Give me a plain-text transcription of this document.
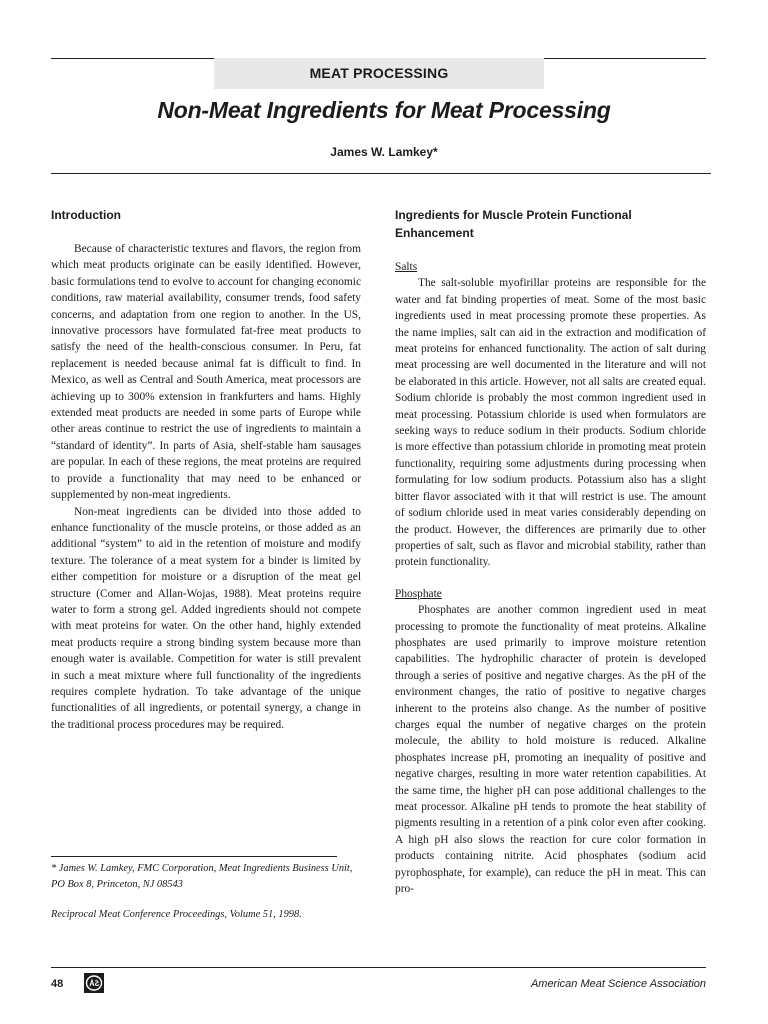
MEAT PROCESSING
Non-Meat Ingredients for Meat Processing
James W. Lamkey*
Introduction

Because of characteristic textures and flavors, the region from which meat products originate can be easily identified. However, basic formulations tend to evolve to account for changing economic conditions, raw material availability, consumer trends, food safety concerns, and adaptation from one region to another. In the US, innovative processors have formulated fat-free meat products to satisfy the need of the health-conscious consumer. In Peru, fat replacement is needed because animal fat is difficult to find. In Mexico, as well as Central and South America, meat processors are achieving up to 300% extension in frankfurters and hams. Highly extended meat products are needed in some parts of Europe while other areas continue to restrict the use of ingredients to maintain a “standard of identity”. In parts of Asia, shelf-stable ham sausages are popular. In each of these regions, the meat proteins are required to provide a functionality that may need to be enhanced or supplemented by non-meat ingredients.

Non-meat ingredients can be divided into those added to enhance functionality of the muscle proteins, or those added as an additional “system” to aid in the retention of moisture and modify texture. The tolerance of a meat system for a binder is limited by either competition for moisture or a disruption of the meat gel structure (Comer and Allan-Wojas, 1988). Meat proteins require water to form a strong gel. Added ingredients should not compete with meat proteins for water. On the other hand, highly extended meat products require a strong binding system because more than enough water is available. Competition for water is still prevalent in such a meat mixture where full functionality of the ingredients requires complete hydration. To take advantage of the unique functionalities of all ingredients, or potentail synergy, a change in the traditional process procedures may be required.

Ingredients for Muscle Protein Functional Enhancement
Salts

The salt-soluble myofirillar proteins are responsible for the water and fat binding properties of meat. Some of the most basic ingredients used in meat processing promote these properties. As the name implies, salt can aid in the extraction and modification of meat proteins for enhanced functionality. The action of salt during meat processing are well documented in the literature and will not be elaborated in this article. However, not all salts are created equal. Sodium chloride is probably the most common ingredient used in meat processing. Potassium chloride is used when formulators are seeking ways to reduce sodium in their products. Sodium chloride is more effective than potassium chloride in promoting meat protein functionality, requiring some adjustments during processing when formulating for low sodium products. Potassium also has a slight bitter flavor associated with it that will restrict is use. The amount of sodium chloride used in meat varies considerably depending on the product. However, the differences are primarily due to other properties of salt, such as flavor and microbial stability, rather than protein functionality.

Phosphate

Phosphates are another common ingredient used in meat processing to promote the functionality of meat proteins. Alkaline phosphates are used primarily to improve moisture retention capabilities. The hydrophilic character of protein is developed through a series of positive and negative charges. As the pH of the environment changes, the ratio of positive to negative charges inherent to the proteins also change. As the number of positive charges equal the number of negative charges on the protein molecule, the ability to hold moisture is reduced. Alkaline phosphates increase pH, promoting an inequality of positive and negative charges, resulting in more water retention capabilities. At the same time, the higher pH can pose additional challenges to the meat processor. Alkaline pH tends to promote the heat stability of pigments resulting in a retention of a pink color even after cooking. A high pH also slows the reaction for cure color formation in products containing nitrite. Acid phosphates (sodium acid pyrophosphate, for example), can reduce the pH in meat. This can pro-

* James W. Lamkey, FMC Corporation, Meat Ingredients Business Unit, PO Box 8, Princeton, NJ 08543
Reciprocal Meat Conference Proceedings, Volume 51, 1998.
48	American Meat Science Association
